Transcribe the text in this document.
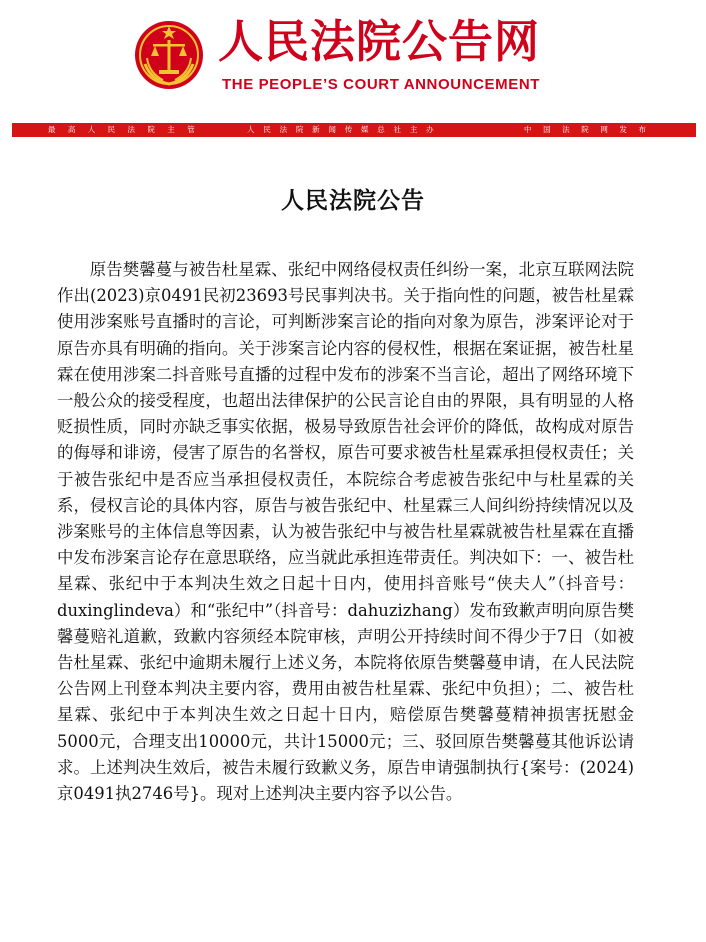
人民法院公告网
THE PEOPLE’S COURT ANNOUNCEMENT
最 高 人 民 法 院 主 管	人 民 法 院 新 闻 传 媒 总 社 主 办	中 国 法 院 网 发 布
人民法院公告

原告樊馨蔓与被告杜星霖、张纪中网络侵权责任纠纷一案，北京互联网法院作出(2023)京0491民初23693号民事判决书。关于指向性的问题，被告杜星霖使用涉案账号直播时的言论，可判断涉案言论的指向对象为原告，涉案评论对于原告亦具有明确的指向。关于涉案言论内容的侵权性，根据在案证据，被告杜星霖在使用涉案二抖音账号直播的过程中发布的涉案不当言论，超出了网络环境下一般公众的接受程度，也超出法律保护的公民言论自由的界限，具有明显的人格贬损性质，同时亦缺乏事实依据，极易导致原告社会评价的降低，故构成对原告的侮辱和诽谤，侵害了原告的名誉权，原告可要求被告杜星霖承担侵权责任；关于被告张纪中是否应当承担侵权责任，本院综合考虑被告张纪中与杜星霖的关系，侵权言论的具体内容，原告与被告张纪中、杜星霖三人间纠纷持续情况以及涉案账号的主体信息等因素，认为被告张纪中与被告杜星霖就被告杜星霖在直播中发布涉案言论存在意思联络，应当就此承担连带责任。判决如下：一、被告杜星霖、张纪中于本判决生效之日起十日内，使用抖音账号“侠夫人”（抖音号：duxinglindeva）和“张纪中”（抖音号：dahuzizhang）发布致歉声明向原告樊馨蔓赔礼道歉，致歉内容须经本院审核，声明公开持续时间不得少于7日（如被告杜星霖、张纪中逾期未履行上述义务，本院将依原告樊馨蔓申请，在人民法院公告网上刊登本判决主要内容，费用由被告杜星霖、张纪中负担）；二、被告杜星霖、张纪中于本判决生效之日起十日内，赔偿原告樊馨蔓精神损害抚慰金5000元，合理支出10000元，共计15000元；三、驳回原告樊馨蔓其他诉讼请求。上述判决生效后，被告未履行致歉义务，原告申请强制执行{案号：(2024)京0491执2746号}。现对上述判决主要内容予以公告。
